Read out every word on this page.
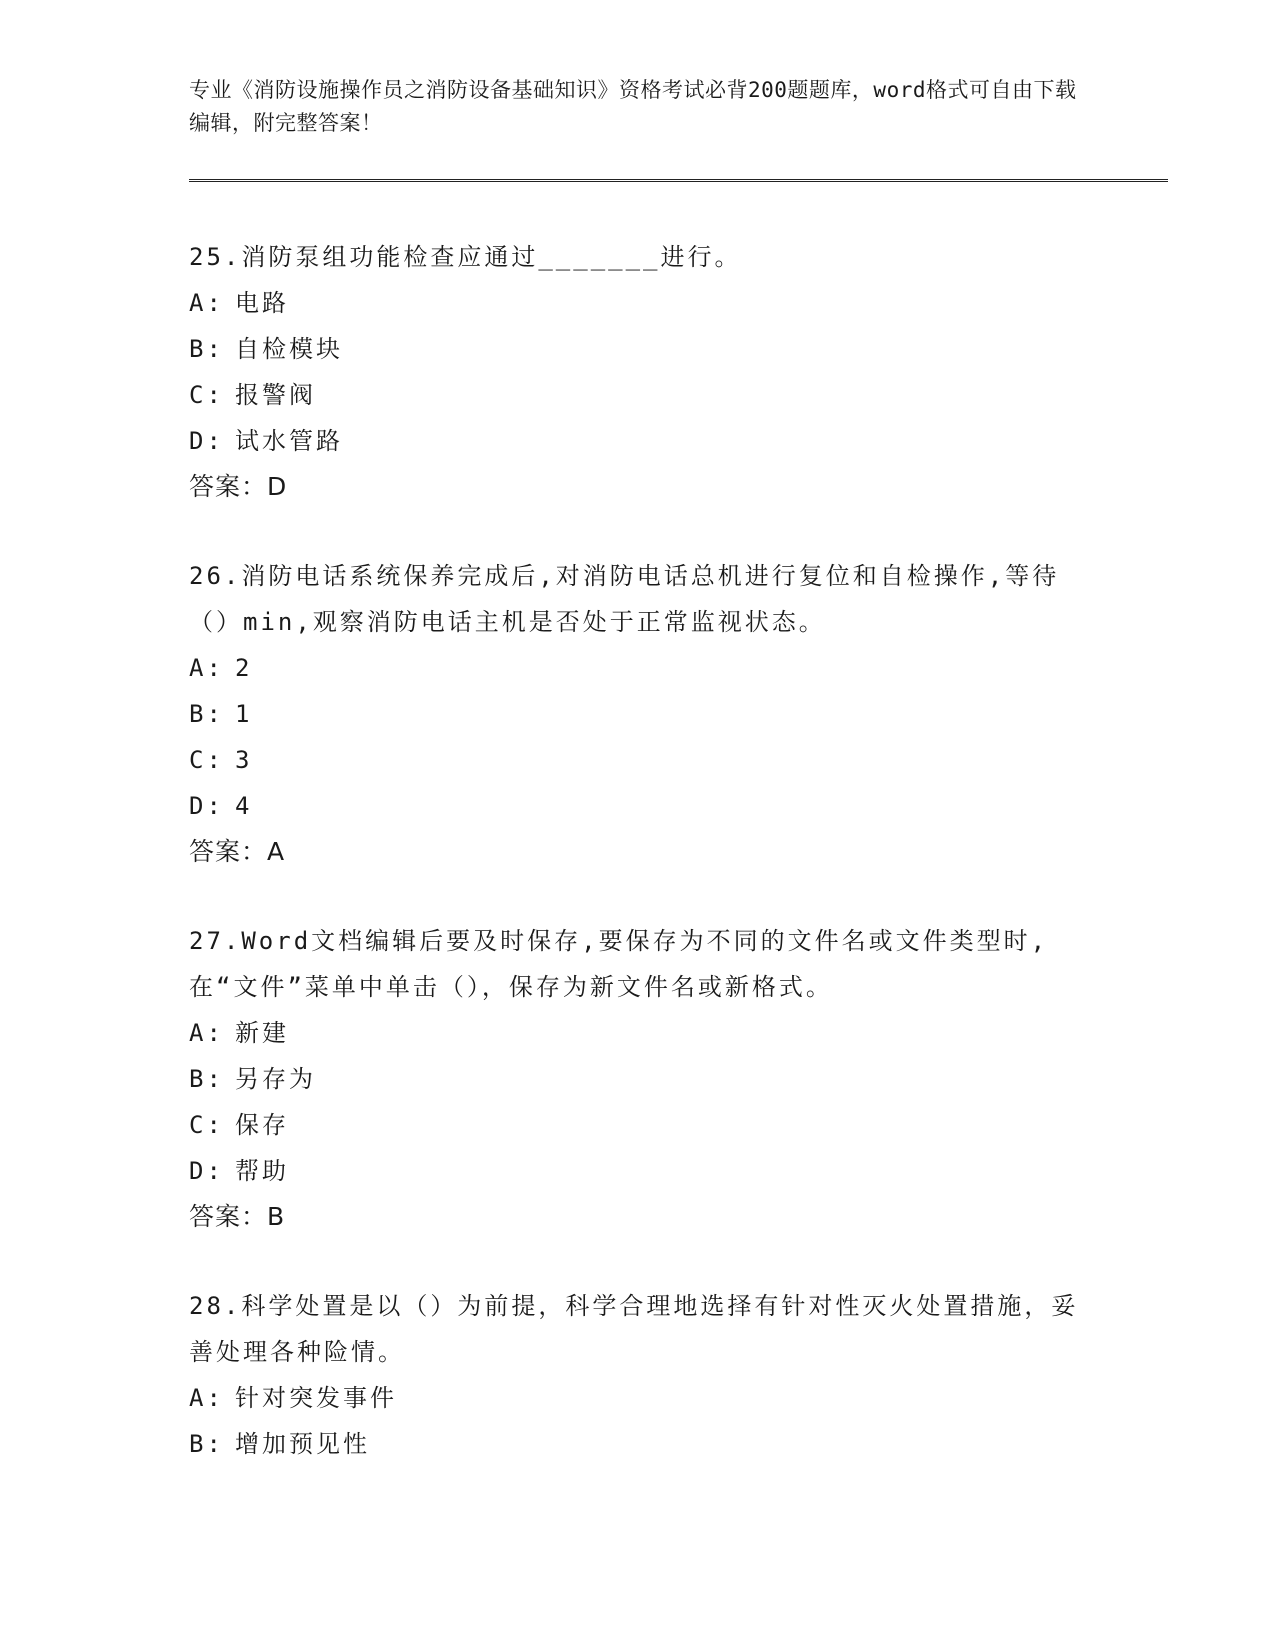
专业《消防设施操作员之消防设备基础知识》资格考试必背200题题库，word格式可自由下载编辑，附完整答案！
25.消防泵组功能检查应通过_______进行。
A: 电路
B: 自检模块
C: 报警阀
D: 试水管路
答案：D
26.消防电话系统保养完成后,对消防电话总机进行复位和自检操作,等待（）min,观察消防电话主机是否处于正常监视状态。
A: 2
B: 1
C: 3
D: 4
答案：A
27.Word文档编辑后要及时保存,要保存为不同的文件名或文件类型时,在“文件”菜单中单击（），保存为新文件名或新格式。
A: 新建
B: 另存为
C: 保存
D: 帮助
答案：B
28.科学处置是以（）为前提，科学合理地选择有针对性灭火处置措施，妥善处理各种险情。
A: 针对突发事件
B: 增加预见性
